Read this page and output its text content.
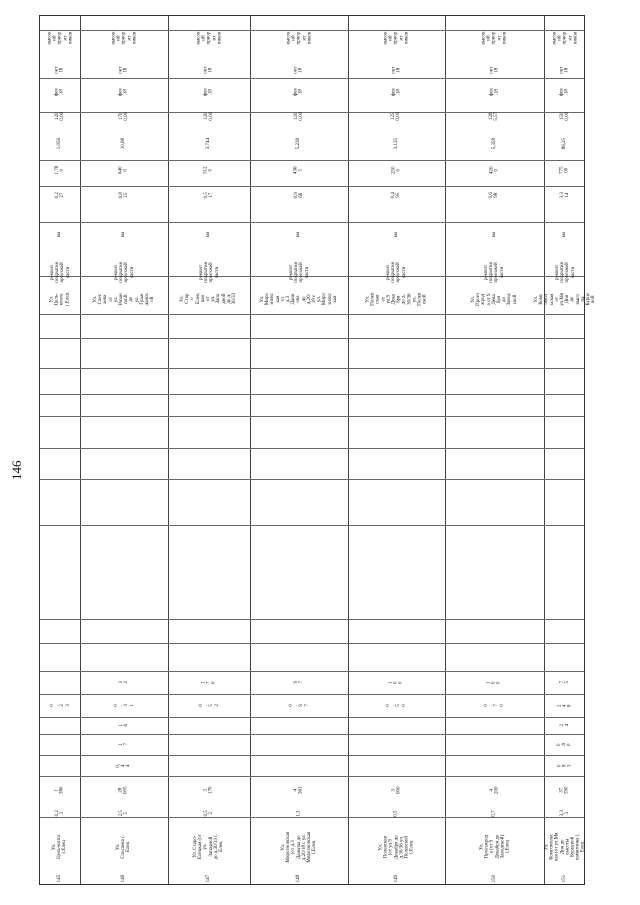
146
высок
ий
приор
ит
пиков
окт
18
фев
.18
120
0,00
1,056
1,78
0
0,2
27
км
ремонт
покрытия
проезжей
части
Ул.
Цель-
конта
(.Елец
0
.
2
3
1
380
0,2
3
Ул.
Цель-конта
(.Елец
145
высок
ий
приор
ит
пиков
окт
18
фев
.18
170
0,00
10,68
640
0
0,8
15
км
ремонт
покрытия
проезжей
части
Ул.
Слес
аева
от
ул.
Рязан
ской
до
ул.
Граж
данск
ой
3
2
0
.
3
1
1
6
1
7
0,
4
4
28
005
2,5
5
Ул.
Слесаева (.
Елец
146
высок
ий
приор
ит
пиков
окт
18
фев
.18
120
0,00
3,744
312
0
0,5
17
км
ремонт
покрытия
проезжей
части
Ул.
Стар
о
Елец
кая
от
ул.
Запа
дной
до д.
30/33
1
7
0
0
.
5
2
3
170
0,5
2
Ул. Старо-
Елецкая (от
ул.
Западной
до д.30/33 (.
Елец
147
высок
ий
приор
ит
пиков
окт
18
фев
.18
120
0,00
5,238
436
5
0,9
66
км
ремонт
покрытия
проезжей
части
Ул.
Миро
зновс
кая
от
д.3
Данк
ова
до
д.20/
18 с
ул.
Миро
зновс
кая
9
7
0
.
9
7
4
363
1,3
Ул.
Мирозновская
(от д.3
Данкова до
д.20/18 с ул.
Мирозновская
(.Елец
148
высок
ий
приор
ит
пиков
окт
18
фев
.18
125
0,00
3,125
250
0
0,4
95
км
ремонт
покрытия
проезжей
части
Ул.
Полев
ская
от
ул.9
Дека
бря
до д.
30/36
ул.
Полев
ской
1
0
0
0
.
5
0
3
000
0,5
Ул.
Полевская
(от ул.9
Декабря до
д.30/36 ул.
Полевской
(.Елец
149
высок
ий
приор
ит
пиков
окт
18
фев
.18
128
5,57
5,358
420
0
0,6
98
км
ремонт
покрытия
проезжей
части
Ул.
Проез
жрод
а от 9
Дека
бря
до
Завод
ской
1
0
0
0
.
7
0
4
200
0,7
Ул.
Проезжрод
а (от 9
Декабря до
Заводской)
(.Елец
150
высок
ий
приор
ит
пиков
окт
18
фев
.18
150
0,00
86,25
775
00
3,3
14
км
ремонт
покрытия
проезжей
части
Ул.
Комс
омол
ьская
от
ул.Мя
Дня
до
высо
ты
Бурце
вой
7
5
2
4
8
2
4
0
.9
0
0
8
3
37
590
3,3
3
Ул.
Комсомольс
кая (от ул.Мя
Дня до
высоты
Бурцевой
памятника (.
Елец
151
